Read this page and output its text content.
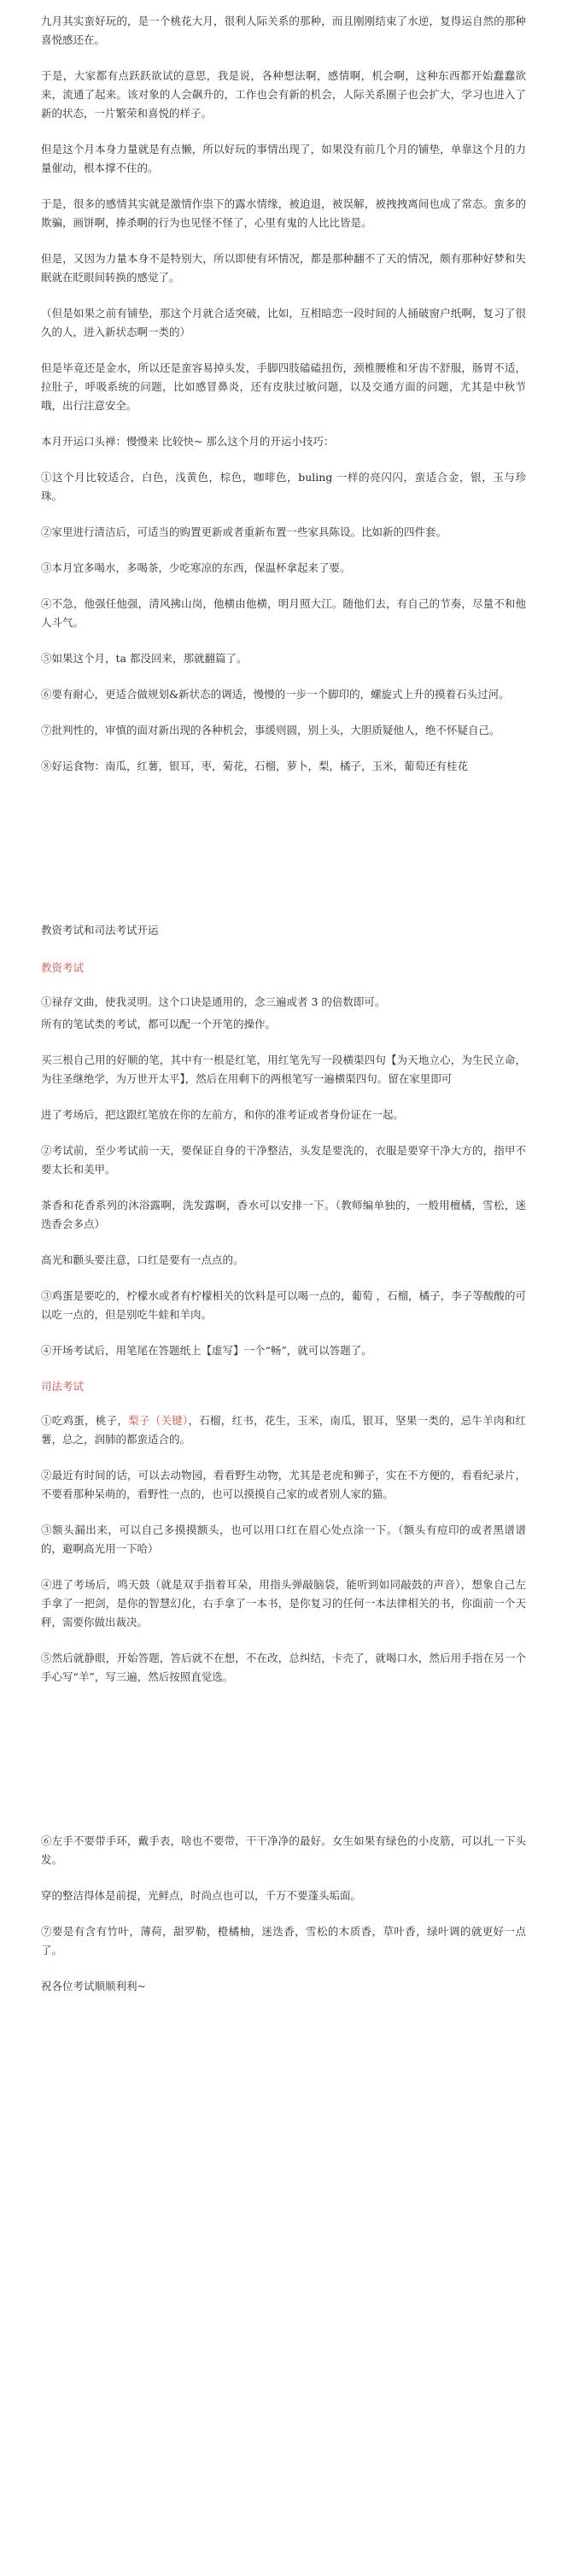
九月其实蛮好玩的，是一个桃花大月，很利人际关系的那种，而且刚刚结束了水逆，复得运自然的那种喜悦感还在。

于是，大家都有点跃跃欲试的意思，我是说，各种想法啊，感情啊，机会啊，这种东西都开始蠢蠢欲来，流通了起来。该对象的人会飙升的，工作也会有新的机会，人际关系圈子也会扩大，学习也进入了新的状态，一片繁荣和喜悦的样子。

但是这个月本身力量就是有点懒，所以好玩的事情出现了，如果没有前几个月的铺垫，单靠这个月的力量催动，根本撑不住的。

于是，很多的感情其实就是激情作祟下的露水情缘，被迫退，被误解，被拽拽离间也成了常态。蛮多的欺骗，画饼啊，捧杀啊的行为也见怪不怪了，心里有鬼的人比比皆是。

但是，又因为力量本身不是特别大，所以即使有坏情况，都是那种翻不了天的情况，颇有那种好梦和失眠就在眨眼间转换的感觉了。

（但是如果之前有铺垫，那这个月就合适突破，比如，互相暗恋一段时间的人捅破窗户纸啊，复习了很久的人，进入新状态啊一类的）

但是毕竟还是金水，所以还是蛮容易掉头发，手脚四肢磕磕扭伤，颈椎腰椎和牙齿不舒服，肠胃不适，拉肚子，呼吸系统的问题，比如感冒鼻炎，还有皮肤过敏问题，以及交通方面的问题，尤其是中秋节哦，出行注意安全。

本月开运口头禅：慢慢来 比较快~ 那么这个月的开运小技巧：

①这个月比较适合，白色，浅黄色，棕色，咖啡色，buling 一样的亮闪闪，蛮适合金，银，玉与珍珠。

②家里进行清洁后，可适当的购置更新或者重新布置一些家具陈设。比如新的四件套。

③本月宜多喝水，多喝茶，少吃寒凉的东西，保温杯拿起来了要。

④不急，他强任他强，清风拂山岗，他横由他横，明月照大江。随他们去，有自己的节奏，尽量不和他人斗气。

⑤如果这个月，ta 都没回来，那就翻篇了。

⑥要有耐心，更适合做规划&新状态的调适，慢慢的一步一个脚印的，螺旋式上升的摸着石头过河。

⑦批判性的，审慎的面对新出现的各种机会，事缓则圆，别上头，大胆质疑他人，绝不怀疑自己。

⑧好运食物：南瓜，红薯，银耳，枣，菊花，石榴，萝卜，梨，橘子，玉米，葡萄还有桂花

教资考试和司法考试开运

教资考试

①禄存文曲，使我灵明。这个口诀是通用的，念三遍或者 3 的倍数即可。

所有的笔试类的考试，都可以配一个开笔的操作。

买三根自己用的好顺的笔，其中有一根是红笔，用红笔先写一段横渠四句【为天地立心，为生民立命，为往圣继绝学，为万世开太平】，然后在用剩下的两根笔写一遍横渠四句。留在家里即可

进了考场后，把这跟红笔放在你的左前方，和你的准考证或者身份证在一起。

②考试前，至少考试前一天，要保证自身的干净整洁，头发是要洗的，衣服是要穿干净大方的，指甲不要太长和美甲。

茶香和花香系列的沐浴露啊，洗发露啊，香水可以安排一下。（教师编单独的，一般用檀橘，雪松，迷迭香会多点）

高光和颧头要注意，口红是要有一点点的。

③鸡蛋是要吃的，柠檬水或者有柠檬相关的饮料是可以喝一点的，葡萄 ，石榴，橘子，李子等酸酸的可以吃一点的，但是别吃牛蛙和羊肉。

④开场考试后，用笔尾在答题纸上【虚写】一个“畅”，就可以答题了。

司法考试

①吃鸡蛋，桃子，梨子（关键），石榴，红书，花生，玉米，南瓜，银耳，坚果一类的，忌牛羊肉和红薯，总之，润肺的都蛮适合的。

②最近有时间的话，可以去动物园，看看野生动物，尤其是老虎和狮子，实在不方便的，看看纪录片，不要看那种呆萌的，看野性一点的，也可以摸摸自己家的或者别人家的猫。

③额头漏出来，可以自己多摸摸额头，也可以用口红在眉心处点涂一下。（额头有痘印的或者黑谱谱的，避啊高光用一下哈）

④进了考场后，鸣天鼓（就是双手指着耳朵，用指头弹敲脑袋，能听到如同敲鼓的声音），想象自己左手拿了一把剑，是你的智慧幻化，右手拿了一本书，是你复习的任何一本法律相关的书，你面前一个天秤，需要你做出裁决。

⑤然后就静眼，开始答题，答后就不在想，不在改，总纠结，卡壳了，就喝口水，然后用手指在另一个手心写“羊”，写三遍，然后按照直觉选。

⑥左手不要带手环，戴手表，啥也不要带，干干净净的最好。女生如果有绿色的小皮筋，可以扎一下头发。

穿的整洁得体是前提，光鲜点，时尚点也可以，千万不要蓬头垢面。

⑦要是有含有竹叶，薄荷，甜罗勒，橙橘柚，迷迭香，雪松的木质香，草叶香，绿叶调的就更好一点了。

祝各位考试顺顺利利~
